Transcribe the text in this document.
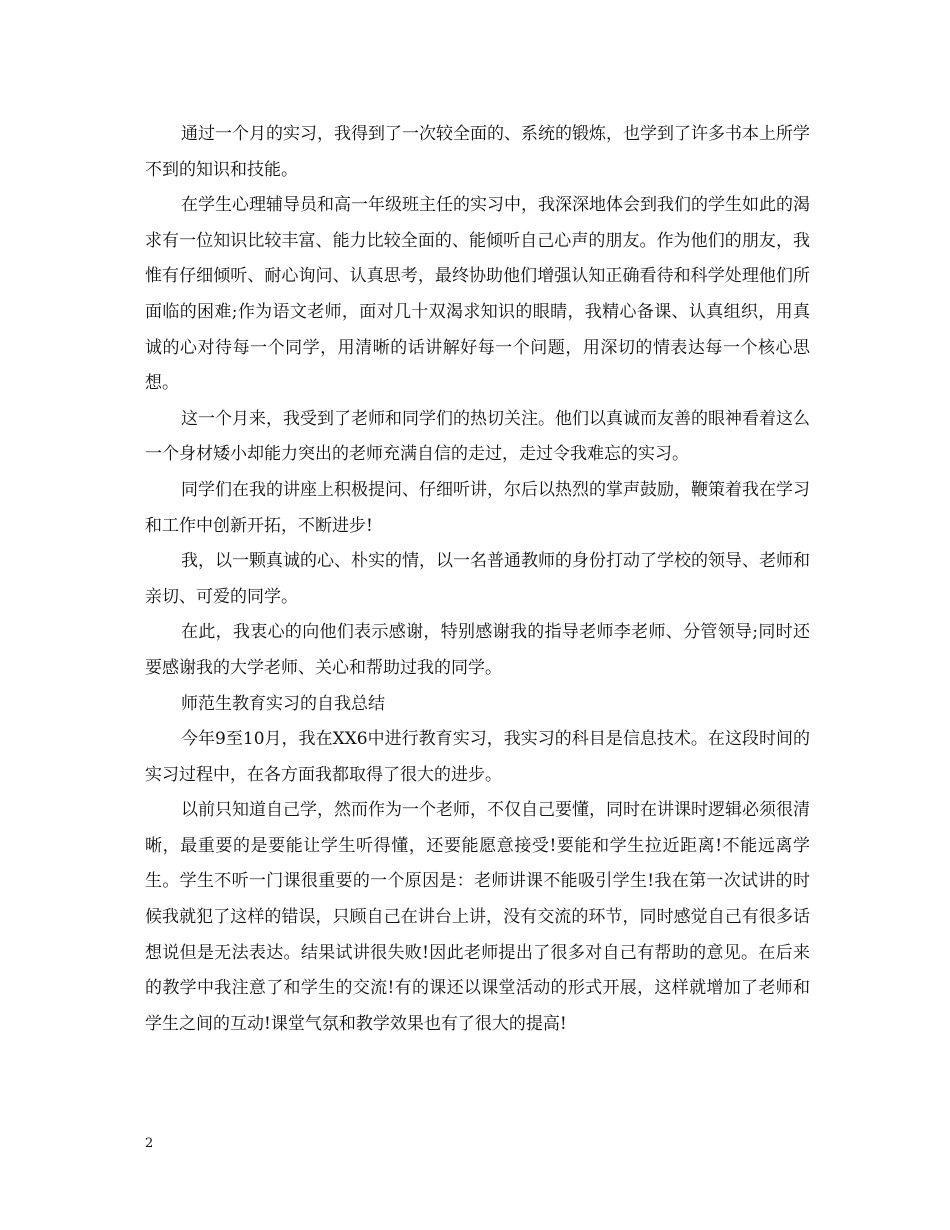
通过一个月的实习，我得到了一次较全面的、系统的锻炼，也学到了许多书本上所学不到的知识和技能。

在学生心理辅导员和高一年级班主任的实习中，我深深地体会到我们的学生如此的渴求有一位知识比较丰富、能力比较全面的、能倾听自己心声的朋友。作为他们的朋友，我惟有仔细倾听、耐心询问、认真思考，最终协助他们增强认知正确看待和科学处理他们所面临的困难;作为语文老师，面对几十双渴求知识的眼睛，我精心备课、认真组织，用真诚的心对待每一个同学，用清晰的话讲解好每一个问题，用深切的情表达每一个核心思想。

这一个月来，我受到了老师和同学们的热切关注。他们以真诚而友善的眼神看着这么一个身材矮小却能力突出的老师充满自信的走过，走过令我难忘的实习。

同学们在我的讲座上积极提问、仔细听讲，尔后以热烈的掌声鼓励，鞭策着我在学习和工作中创新开拓，不断进步!

我，以一颗真诚的心、朴实的情，以一名普通教师的身份打动了学校的领导、老师和亲切、可爱的同学。

在此，我衷心的向他们表示感谢，特别感谢我的指导老师李老师、分管领导;同时还要感谢我的大学老师、关心和帮助过我的同学。

师范生教育实习的自我总结

今年9至10月，我在XX6中进行教育实习，我实习的科目是信息技术。在这段时间的实习过程中，在各方面我都取得了很大的进步。

以前只知道自己学，然而作为一个老师，不仅自己要懂，同时在讲课时逻辑必须很清晰，最重要的是要能让学生听得懂，还要能愿意接受!要能和学生拉近距离!不能远离学生。学生不听一门课很重要的一个原因是：老师讲课不能吸引学生!我在第一次试讲的时候我就犯了这样的错误，只顾自己在讲台上讲，没有交流的环节，同时感觉自己有很多话想说但是无法表达。结果试讲很失败!因此老师提出了很多对自己有帮助的意见。在后来的教学中我注意了和学生的交流!有的课还以课堂活动的形式开展，这样就增加了老师和学生之间的互动!课堂气氛和教学效果也有了很大的提高!

2
